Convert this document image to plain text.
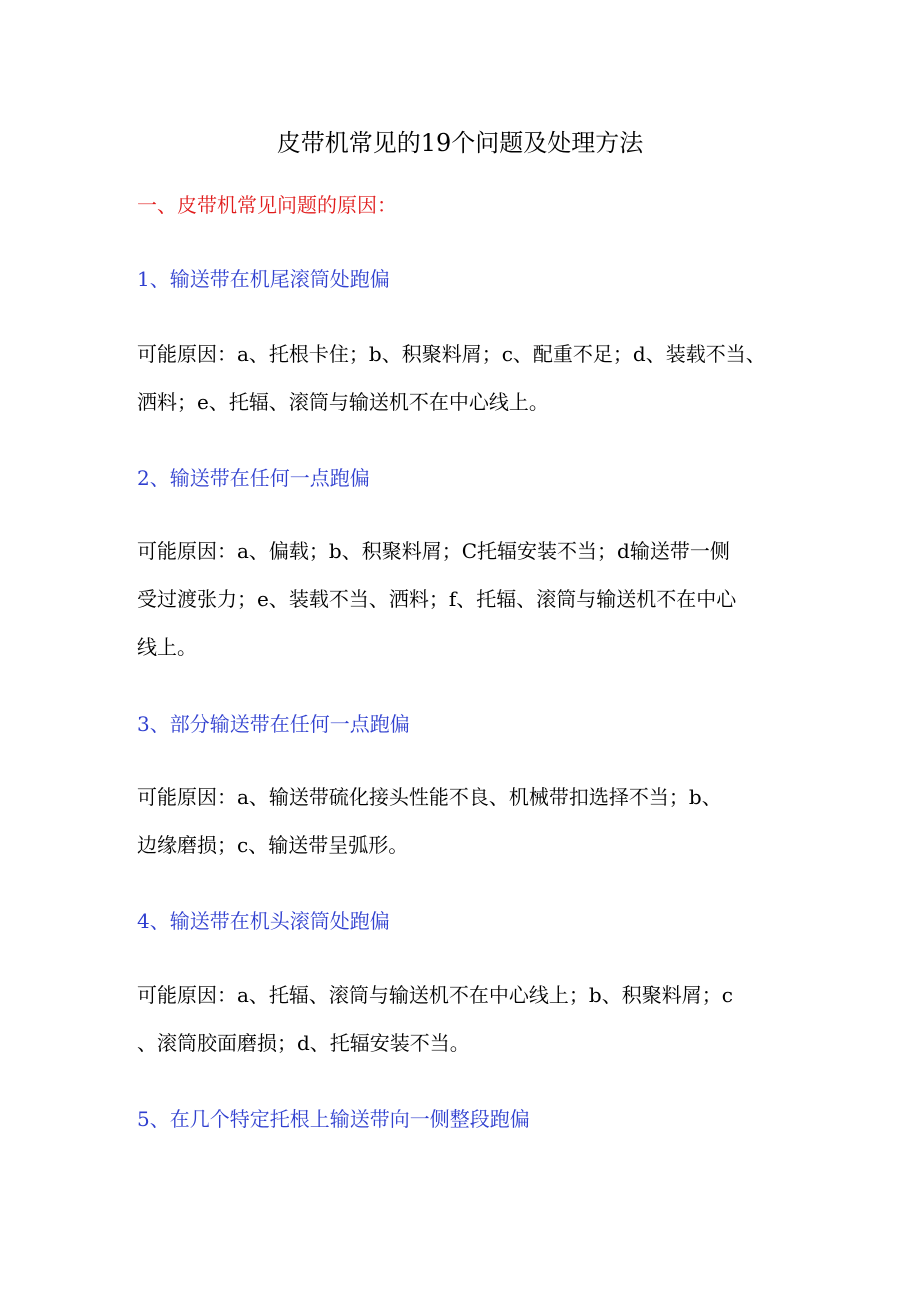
皮带机常见的19个问题及处理方法

一、皮带机常见问题的原因：

1、输送带在机尾滚筒处跑偏

可能原因：a、托根卡住；b、积聚料屑；c、配重不足；d、装载不当、
洒料；e、托辐、滚筒与输送机不在中心线上。

2、输送带在任何一点跑偏

可能原因：a、偏载；b、积聚料屑；C托辐安装不当；d输送带一侧
受过渡张力；e、装载不当、洒料；f、托辐、滚筒与输送机不在中心
线上。

3、部分输送带在任何一点跑偏

可能原因：a、输送带硫化接头性能不良、机械带扣选择不当；b、
边缘磨损；c、输送带呈弧形。

4、输送带在机头滚筒处跑偏

可能原因：a、托辐、滚筒与输送机不在中心线上；b、积聚料屑；c
、滚筒胶面磨损；d、托辐安装不当。

5、在几个特定托根上输送带向一侧整段跑偏
